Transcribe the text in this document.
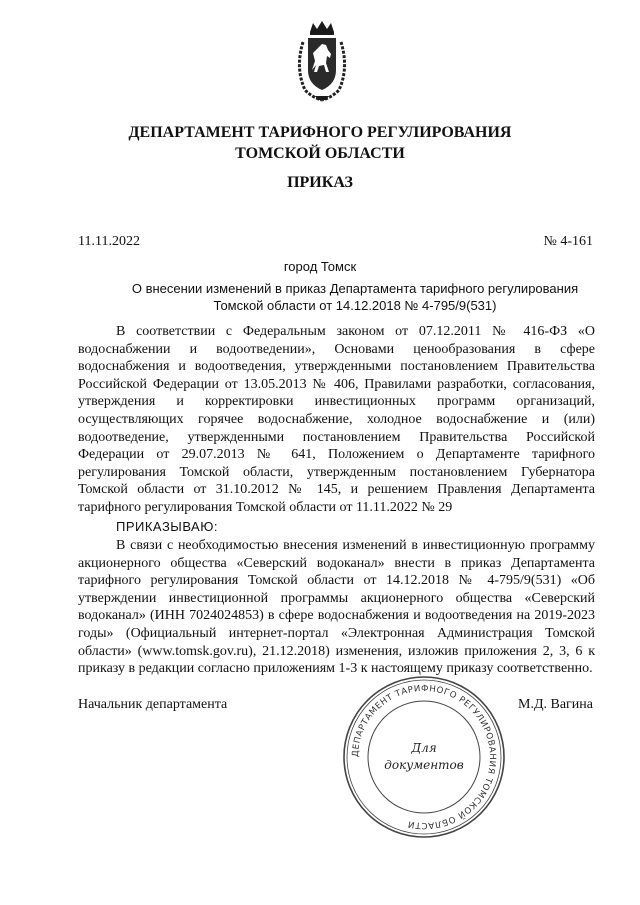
ДЕПАРТАМЕНТ ТАРИФНОГО РЕГУЛИРОВАНИЯ
ТОМСКОЙ ОБЛАСТИ
ПРИКАЗ
11.11.2022	№ 4-161
город Томск
О внесении изменений в приказ Департамента тарифного регулирования
Томской области от 14.12.2018 № 4-795/9(531)
В соответствии с Федеральным законом от 07.12.2011 № 416-ФЗ «О водоснабжении и водоотведении», Основами ценообразования в сфере водоснабжения и водоотведения, утвержденными постановлением Правительства Российской Федерации от 13.05.2013 № 406, Правилами разработки, согласования, утверждения и корректировки инвестиционных программ организаций, осуществляющих горячее водоснабжение, холодное водоснабжение и (или) водоотведение, утвержденными постановлением Правительства Российской Федерации от 29.07.2013 № 641, Положением о Департаменте тарифного регулирования Томской области, утвержденным постановлением Губернатора Томской области от 31.10.2012 № 145, и решением Правления Департамента тарифного регулирования Томской области от 11.11.2022 № 29
ПРИКАЗЫВАЮ:
В связи с необходимостью внесения изменений в инвестиционную программу акционерного общества «Северский водоканал» внести в приказ Департамента тарифного регулирования Томской области от 14.12.2018 № 4-795/9(531) «Об утверждении инвестиционной программы акционерного общества «Северский водоканал» (ИНН 7024024853) в сфере водоснабжения и водоотведения на 2019-2023 годы» (Официальный интернет-портал «Электронная Администрация Томской области» (www.tomsk.gov.ru), 21.12.2018) изменения, изложив приложения 2, 3, 6 к приказу в редакции согласно приложениям 1-3 к настоящему приказу соответственно.
Начальник департамента	М.Д. Вагина
ДЕПАРТАМЕНТ ТАРИФНОГО РЕГУЛИРОВАНИЯ ТОМСКОЙ ОБЛАСТИ
Для
документов
